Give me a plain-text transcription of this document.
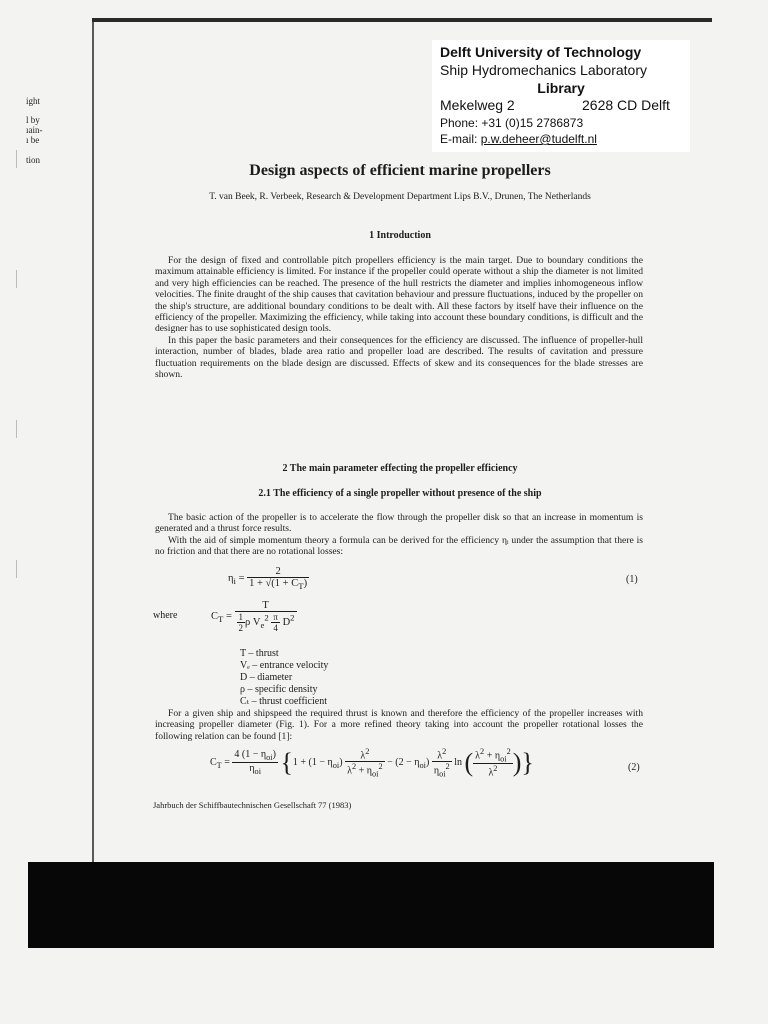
ight
l by
ıain-
ı be
tion
Delft University of Technology
Ship Hydromechanics Laboratory
Library
Mekelweg 2	2628 CD Delft
Phone: +31 (0)15 2786873
E-mail: p.w.deheer@tudelft.nl
Design aspects of efficient marine propellers
T. van Beek, R. Verbeek, Research & Development Department Lips B.V., Drunen, The Netherlands
1 Introduction

For the design of fixed and controllable pitch propellers efficiency is the main target. Due to boundary conditions the maximum attainable efficiency is limited. For instance if the propeller could operate without a ship the diameter is not limited and very high efficiencies can be reached. The presence of the hull restricts the diameter and implies inhomogeneous inflow velocities. The finite draught of the ship causes that cavitation behaviour and pressure fluctuations, induced by the propeller on the ship's structure, are additional boundary conditions to be dealt with. All these factors by itself have their influence on the efficiency of the propeller. Maximizing the efficiency, while taking into account these boundary conditions, is difficult and the designer has to use sophisticated design tools.

In this paper the basic parameters and their consequences for the efficiency are discussed. The influence of propeller-hull interaction, number of blades, blade area ratio and propeller load are described. The results of cavitation and pressure fluctuation requirements on the blade design are discussed. Effects of skew and its consequences for the blade stresses are shown.

2 The main parameter effecting the propeller efficiency
2.1 The efficiency of a single propeller without presence of the ship

The basic action of the propeller is to accelerate the flow through the propeller disk so that an increase in momentum is generated and a thrust force results.

With the aid of simple momentum theory a formula can be derived for the efficiency ηᵢ under the assumption that there is no friction and that there are no rotational losses:

$\eta_i = \frac{2}{1 + √(1 + C_T)}$	(1)
where	$C_T = \frac{T}{\frac{1}{2} \rho V_e^2 \frac{\pi}{4} D^2}$
T – thrust
Vₑ – entrance velocity
D – diameter
ρ – specific density
Cₜ – thrust coefficient

For a given ship and shipspeed the required thrust is known and therefore the efficiency of the propeller increases with increasing propeller diameter (Fig. 1). For a more refined theory taking into account the propeller rotational losses the following relation can be found [1]:

$C_T = \frac{4 (1 - \eta_{oi})}{\eta_{oi}} \{1 + (1 - \eta_{oi}) \frac{\lambda^2}{\lambda^2 + \eta_{oi}^2} - (2 - \eta_{oi}) \frac{\lambda^2}{\eta_{oi}^2}$ ln ( $\frac{\lambda^2 + \eta_{oi}^2}{\lambda^2}$ )}	(2)
Jahrbuch der Schiffbautechnischen Gesellschaft 77 (1983)
